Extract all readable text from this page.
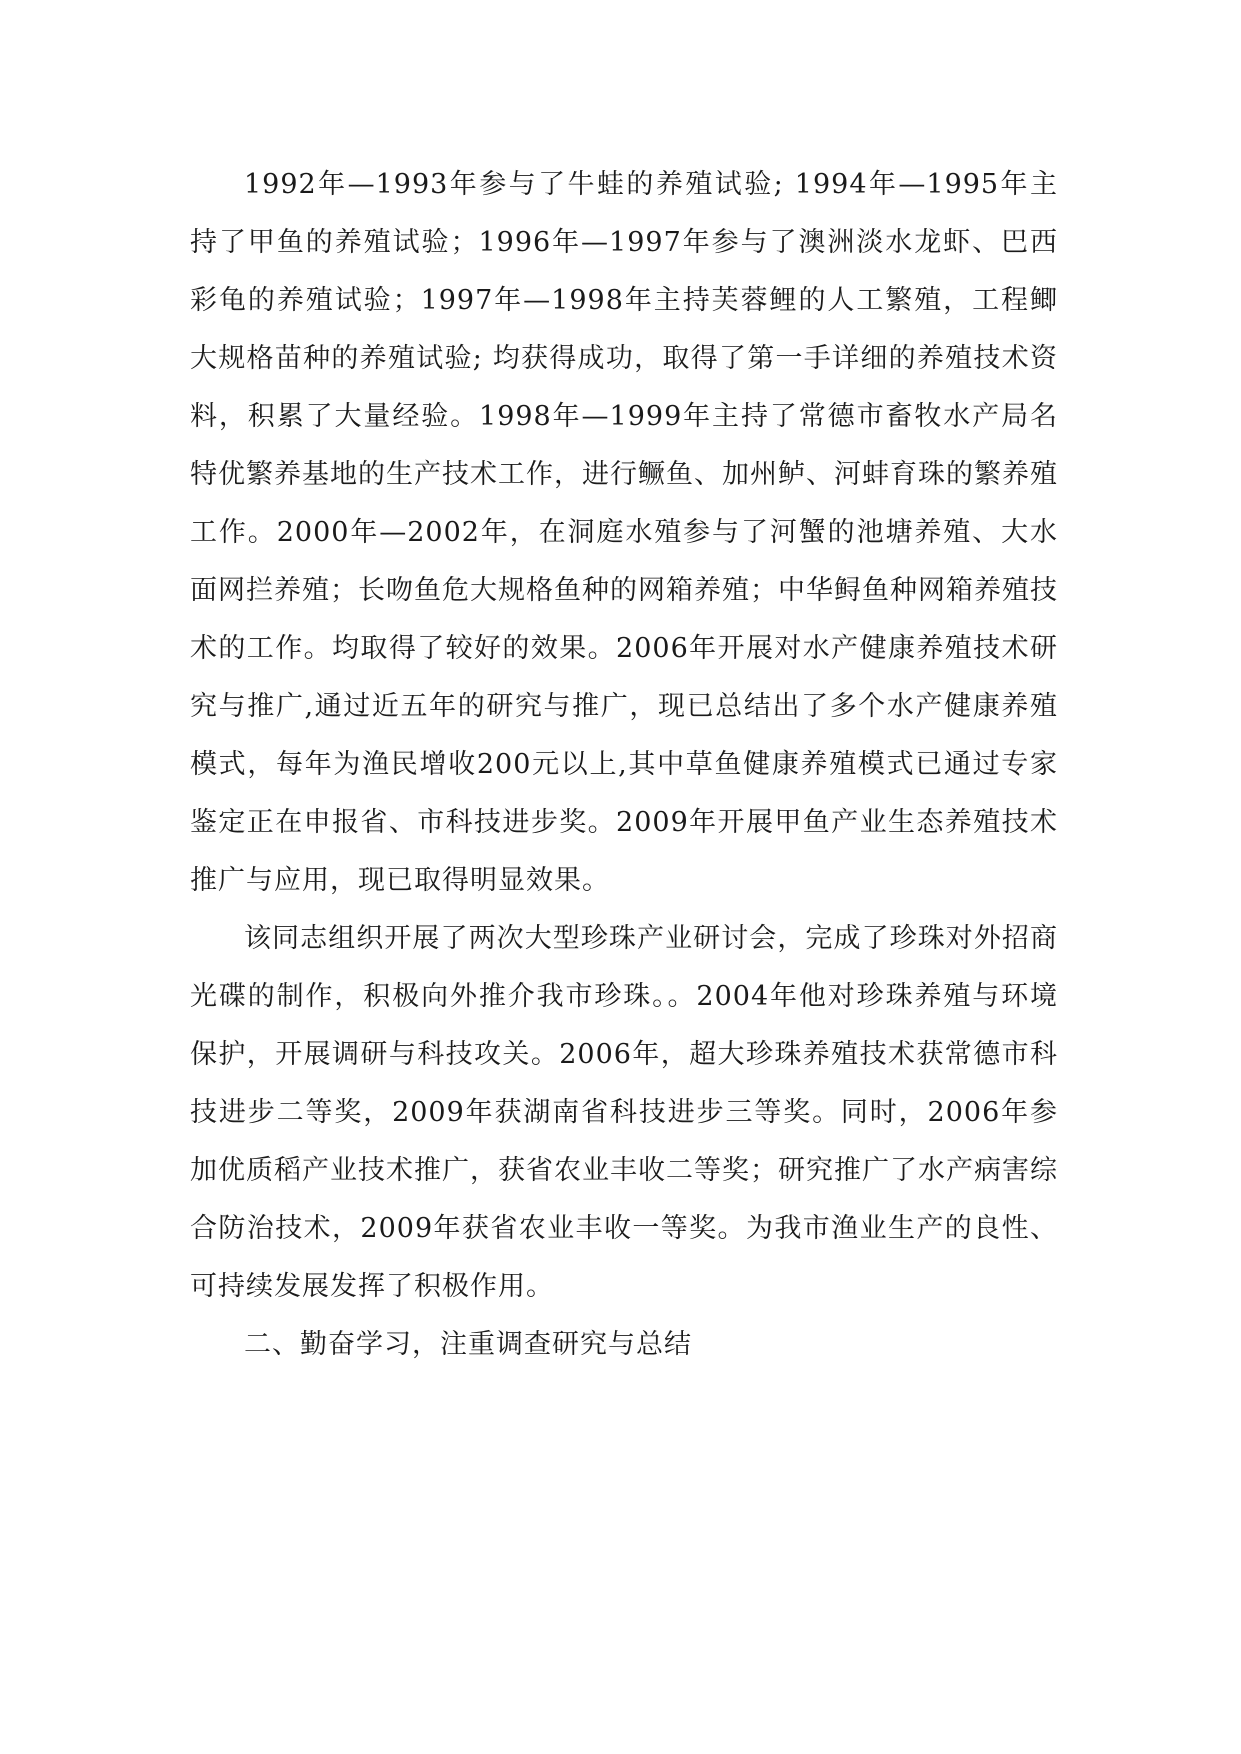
1992年—1993年参与了牛蛙的养殖试验; 1994年—1995年主持了甲鱼的养殖试验；1996年—1997年参与了澳洲淡水龙虾、巴西彩龟的养殖试验；1997年—1998年主持芙蓉鲤的人工繁殖，工程鲫大规格苗种的养殖试验; 均获得成功，取得了第一手详细的养殖技术资料，积累了大量经验。1998年—1999年主持了常德市畜牧水产局名特优繁养基地的生产技术工作，进行鳜鱼、加州鲈、河蚌育珠的繁养殖工作。2000年—2002年，在洞庭水殖参与了河蟹的池塘养殖、大水面网拦养殖；长吻鱼危大规格鱼种的网箱养殖；中华鲟鱼种网箱养殖技术的工作。均取得了较好的效果。2006年开展对水产健康养殖技术研究与推广,通过近五年的研究与推广，现已总结出了多个水产健康养殖模式，每年为渔民增收200元以上,其中草鱼健康养殖模式已通过专家鉴定正在申报省、市科技进步奖。2009年开展甲鱼产业生态养殖技术推广与应用，现已取得明显效果。

该同志组织开展了两次大型珍珠产业研讨会，完成了珍珠对外招商光碟的制作，积极向外推介我市珍珠。。2004年他对珍珠养殖与环境保护，开展调研与科技攻关。2006年，超大珍珠养殖技术获常德市科技进步二等奖，2009年获湖南省科技进步三等奖。同时，2006年参加优质稻产业技术推广，获省农业丰收二等奖；研究推广了水产病害综合防治技术，2009年获省农业丰收一等奖。为我市渔业生产的良性、可持续发展发挥了积极作用。

二、勤奋学习，注重调查研究与总结
